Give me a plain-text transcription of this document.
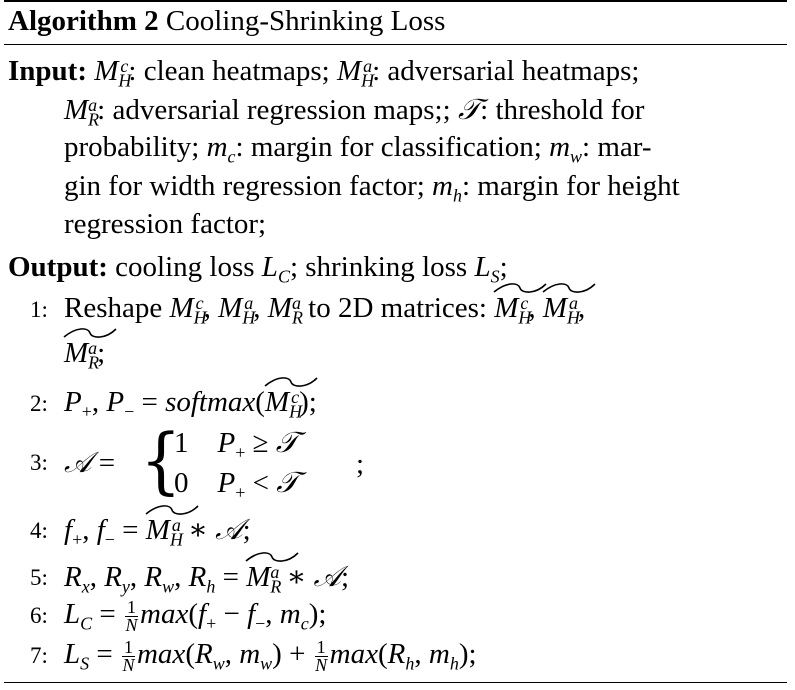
Algorithm 2 Cooling-Shrinking Loss
Input: $M_H^c$: clean heatmaps; $M_H^a$: adversarial heatmaps;
$M_R^a$: adversarial regression maps;; 𝒯: threshold for
probability; $m_c$: margin for classification; $m_w$: mar-
gin for width regression factor; $m_h$: margin for height
regression factor;
Output: cooling loss $L_C$; shrinking loss $L_S$;
1: Reshape $M_H^c$, $M_H^a$, $M_R^a$ to 2D matrices: $M_H^c$,
$M_H^a$,
$M_R^a$;
2: $P_+$, $P_-$ = softmax(
$M_H^c$);
3: 𝒜 = {
1    $P_+$ ≥ 𝒯
0    $P_+$ < 𝒯
;
4: $f_+$, $f_-$ =
$M_H^a$ ∗ 𝒜;
5: $R_x$, $R_y$, $R_w$, $R_h$ =
$M_R^a$ ∗ 𝒜;
6: $L_C = \frac{1}{N} \max(f_+ - f_-$, $m_c$);
7: $L_S = \frac{1}{N} \max(R_w$, $m_w) + \frac{1}{N} \max(R_h$, $m_h$);
